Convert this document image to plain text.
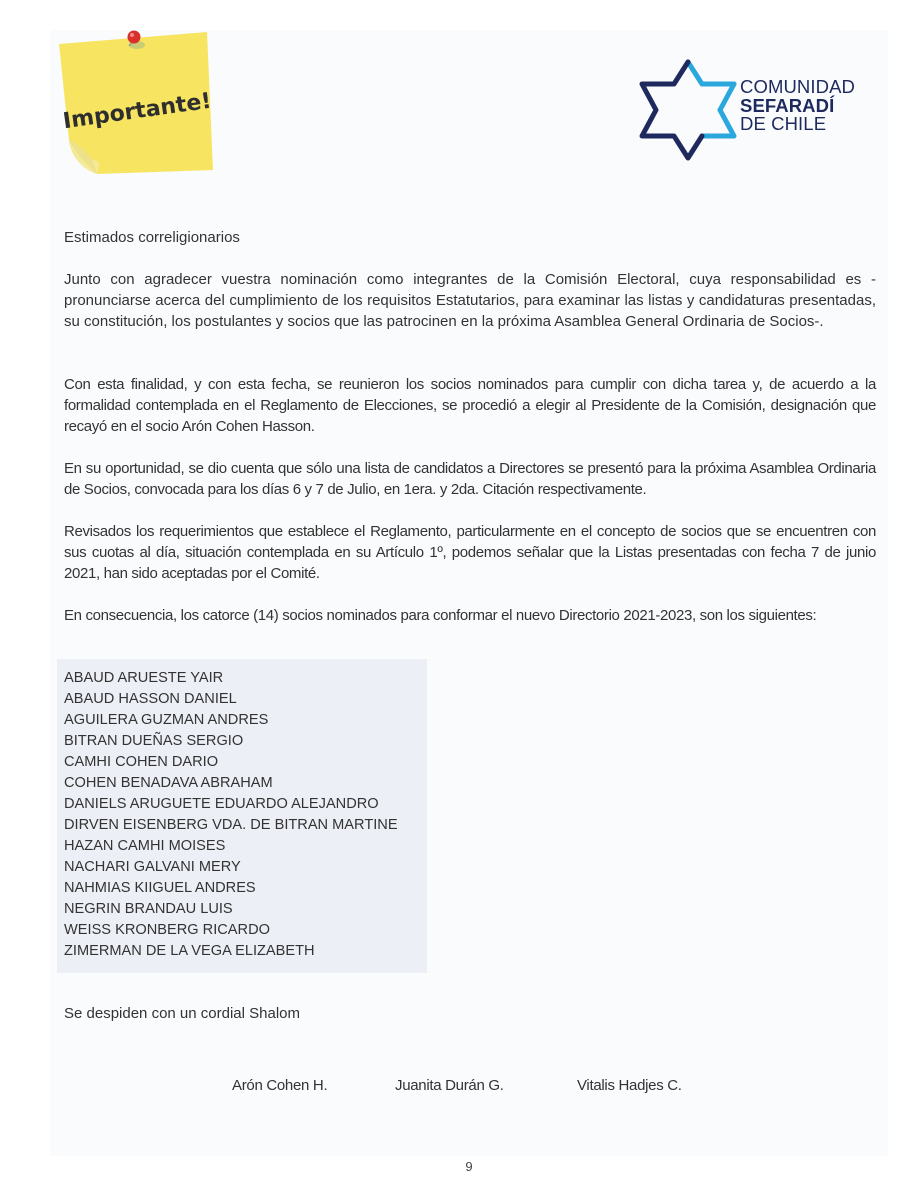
Importante!
COMUNIDAD
SEFARADÍ
DE CHILE
Estimados correligionarios
Junto con agradecer vuestra nominación como integrantes de la Comisión Electoral, cuya responsabilidad es - pronunciarse acerca del cumplimiento de los requisitos Estatutarios, para examinar las listas y candidaturas presentadas, su constitución, los postulantes y socios que las patrocinen en la próxima Asamblea General Ordinaria de Socios-.
Con esta finalidad, y con esta fecha, se reunieron los socios nominados para cumplir con dicha tarea y, de acuerdo a la formalidad contemplada en el Reglamento de Elecciones, se procedió a elegir al Presidente de la Comisión, designación que recayó en el socio Arón Cohen Hasson.
En su oportunidad, se dio cuenta que sólo una lista de candidatos a Directores se presentó para la próxima Asamblea Ordinaria de Socios, convocada para los días 6 y 7 de Julio, en 1era. y 2da. Citación respectivamente.
Revisados los requerimientos que establece el Reglamento, particularmente en el concepto de socios que se encuentren con sus cuotas al día, situación contemplada en su Artículo 1º, podemos señalar que la Listas presentadas con fecha 7 de junio 2021, han sido aceptadas por el Comité.
En consecuencia, los catorce (14) socios nominados para conformar el nuevo Directorio 2021-2023, son los siguientes:
ABAUD ARUESTE YAIR
ABAUD HASSON DANIEL
AGUILERA GUZMAN ANDRES
BITRAN DUEÑAS SERGIO
CAMHI COHEN DARIO
COHEN BENADAVA ABRAHAM
DANIELS ARUGUETE EDUARDO ALEJANDRO
DIRVEN EISENBERG VDA. DE BITRAN MARTINE
HAZAN CAMHI MOISES
NACHARI GALVANI MERY
NAHMIAS KIIGUEL ANDRES
NEGRIN BRANDAU LUIS
WEISS KRONBERG RICARDO
ZIMERMAN DE LA VEGA ELIZABETH
Se despiden con un cordial Shalom
Arón Cohen H.	Juanita Durán G.	Vitalis Hadjes C.
9
